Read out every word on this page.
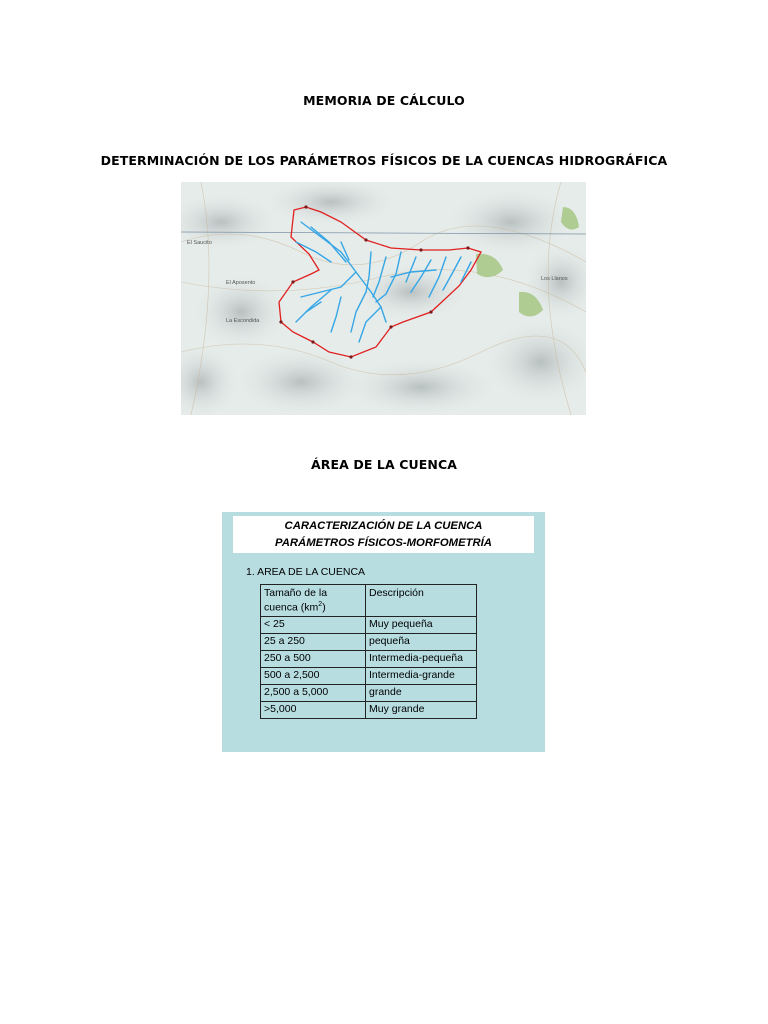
MEMORIA DE CÁLCULO
DETERMINACIÓN DE LOS PARÁMETROS FÍSICOS DE LA CUENCAS HIDROGRÁFICA
El Saucito
El Aposento
La Escondida
Los Llanos
ÁREA DE LA CUENCA
CARACTERIZACIÓN DE LA CUENCA
PARÁMETROS FÍSICOS-MORFOMETRÍA
1. AREA DE LA CUENCA
Tamaño de la
cuenca $(km^2)$	Descripción
< 25	Muy pequeña
25 a 250	pequeña
250 a 500	Intermedia-pequeña
500 a 2,500	Intermedia-grande
2,500 a 5,000	grande
>5,000	Muy grande
